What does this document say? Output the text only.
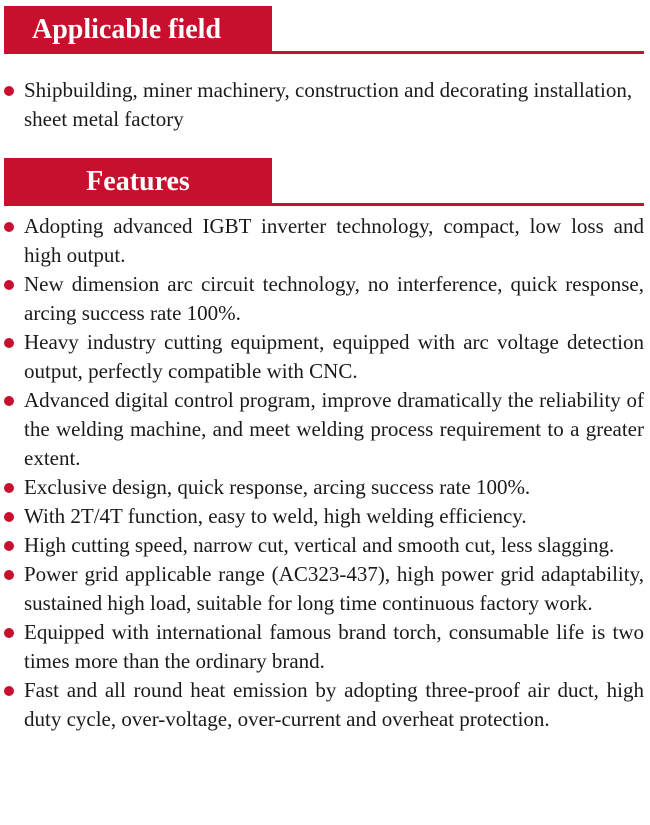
Applicable field
Shipbuilding, miner machinery, construction and decorating installation, sheet metal factory
Features
Adopting advanced IGBT inverter technology, compact, low loss and high output.
New dimension arc circuit technology, no interference, quick response, arcing success rate 100%.
Heavy industry cutting equipment, equipped with arc voltage detection output, perfectly compatible with CNC.
Advanced digital control program, improve dramatically the reliability of the welding machine, and meet welding process requirement to a greater extent.
Exclusive design, quick response, arcing success rate 100%.
With 2T/4T function, easy to weld, high welding efficiency.
High cutting speed, narrow cut, vertical and smooth cut, less slagging.
Power grid applicable range (AC323-437), high power grid adaptability, sustained high load, suitable for long time continuous factory work.
Equipped with international famous brand torch, consumable life is two times more than the ordinary brand.
Fast and all round heat emission by adopting three-proof air duct, high duty cycle, over-voltage, over-current and overheat protection.
